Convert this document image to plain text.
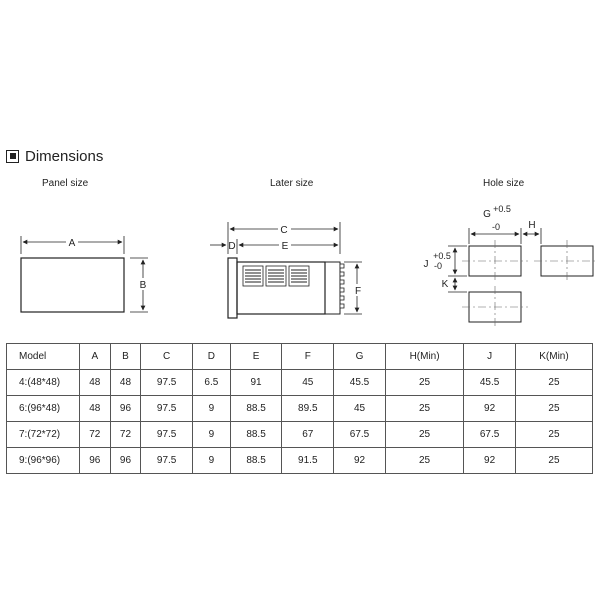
Dimensions
Panel size	Later size	Hole size
A
B
C
D	E
F
G +0.5
-0	H
J
+0.5
-0
K
Model	A	B	C	D	E	F	G	H(Min)	J	K(Min)
4:(48*48)	48	48	97.5	6.5	91	45	45.5	25	45.5	25
6:(96*48)	48	96	97.5	9	88.5	89.5	45	25	92	25
7:(72*72)	72	72	97.5	9	88.5	67	67.5	25	67.5	25
9:(96*96)	96	96	97.5	9	88.5	91.5	92	25	92	25
